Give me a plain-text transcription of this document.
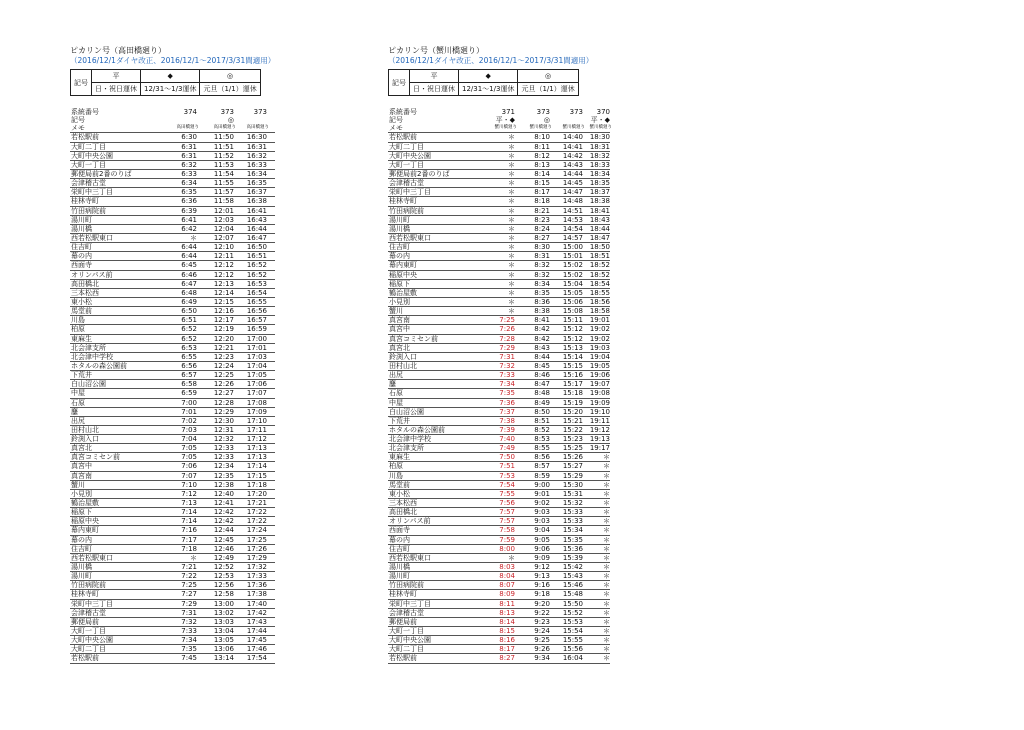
ピカリン号（高田橋廻り）
（2016/12/1ダイヤ改正、2016/12/1～2017/3/31間適用）
記号	平	◆	◎
	日・祝日運休	12/31～1/3運休	元旦（1/1）運休
系統番号	374	373	373
記号	◎
メモ	高田橋廻り	高田橋廻り	高田橋廻り
若松駅前	6:30	11:50	16:30
大町二丁目	6:31	11:51	16:31
大町中央公園	6:31	11:52	16:32
大町一丁目	6:32	11:53	16:33
郵便局前2番のりば	6:33	11:54	16:34
会津稽古堂	6:34	11:55	16:35
栄町中三丁目	6:35	11:57	16:37
桂林寺町	6:36	11:58	16:38
竹田病院前	6:39	12:01	16:41
湯川町	6:41	12:03	16:43
湯川橋	6:42	12:04	16:44
西若松駅東口	＊	12:07	16:47
住吉町	6:44	12:10	16:50
幕の内	6:44	12:11	16:51
西面寺	6:45	12:12	16:52
オリンパス前	6:46	12:12	16:52
高田橋北	6:47	12:13	16:53
三本松西	6:48	12:14	16:54
東小松	6:49	12:15	16:55
馬堂前	6:50	12:16	16:56
川島	6:51	12:17	16:57
柏原	6:52	12:19	16:59
東麻生	6:52	12:20	17:00
北会津支所	6:53	12:21	17:01
北会津中学校	6:55	12:23	17:03
ホタルの森公園前	6:56	12:24	17:04
下荒井	6:57	12:25	17:05
白山沼公園	6:58	12:26	17:06
中屋	6:59	12:27	17:07
石原	7:00	12:28	17:08
鏖	7:01	12:29	17:09
出尻	7:02	12:30	17:10
田村山北	7:03	12:31	17:11
鈴渕入口	7:04	12:32	17:12
真宮北	7:05	12:33	17:13
真宮コミセン前	7:05	12:33	17:13
真宮中	7:06	12:34	17:14
真宮南	7:07	12:35	17:15
蟹川	7:10	12:38	17:18
小見別	7:12	12:40	17:20
鶴治屋敷	7:13	12:41	17:21
稲原下	7:14	12:42	17:22
稲原中央	7:14	12:42	17:22
幕内東町	7:16	12:44	17:24
幕の内	7:17	12:45	17:25
住吉町	7:18	12:46	17:26
西若松駅東口	＊	12:49	17:29
湯川橋	7:21	12:52	17:32
湯川町	7:22	12:53	17:33
竹田病院前	7:25	12:56	17:36
桂林寺町	7:27	12:58	17:38
栄町中三丁目	7:29	13:00	17:40
会津稽古堂	7:31	13:02	17:42
郵便局前	7:32	13:03	17:43
大町一丁目	7:33	13:04	17:44
大町中央公園	7:34	13:05	17:45
大町二丁目	7:35	13:06	17:46
若松駅前	7:45	13:14	17:54
ピカリン号（蟹川橋廻り）
（2016/12/1ダイヤ改正、2016/12/1～2017/3/31間適用）
記号	平	◆	◎
	日・祝日運休	12/31～1/3運休	元旦（1/1）運休
系統番号	371	373	373	370
記号	平・◆	◎	平・◆
メモ	蟹川橋廻り	蟹川橋廻り	蟹川橋廻り	蟹川橋廻り
若松駅前	＊	8:10	14:40 18:30
大町二丁目	＊	8:11	14:41 18:31
大町中央公園	＊	8:12	14:42 18:32
大町一丁目	＊	8:13	14:43 18:33
郵便局前2番のりば	＊	8:14	14:44 18:34
会津稽古堂	＊	8:15	14:45 18:35
栄町中三丁目	＊	8:17	14:47 18:37
桂林寺町	＊	8:18	14:48 18:38
竹田病院前	＊	8:21	14:51 18:41
湯川町	＊	8:23	14:53 18:43
湯川橋	＊	8:24	14:54 18:44
西若松駅東口	＊	8:27	14:57 18:47
住吉町	＊	8:30	15:00 18:50
幕の内	＊	8:31	15:01 18:51
幕内東町	＊	8:32	15:02 18:52
稲原中央	＊	8:32	15:02 18:52
稲原下	＊	8:34	15:04 18:54
鶴治屋敷	＊	8:35	15:05 18:55
小見別	＊	8:36	15:06 18:56
蟹川	＊	8:38	15:08 18:58
真宮南	7:25	8:41	15:11 19:01
真宮中	7:26	8:42	15:12 19:02
真宮コミセン前	7:28	8:42	15:12 19:02
真宮北	7:29	8:43	15:13 19:03
鈴渕入口	7:31	8:44	15:14 19:04
田村山北	7:32	8:45	15:15 19:05
出尻	7:33	8:46	15:16 19:06
鏖	7:34	8:47	15:17 19:07
石原	7:35	8:48	15:18 19:08
中屋	7:36	8:49	15:19 19:09
白山沼公園	7:37	8:50	15:20 19:10
下荒井	7:38	8:51	15:21 19:11
ホタルの森公園前	7:39	8:52	15:22 19:12
北会津中学校	7:40	8:53	15:23 19:13
北会津支所	7:49	8:55	15:25 19:17
東麻生	7:50	8:56	15:26	＊
柏原	7:51	8:57	15:27	＊
川島	7:53	8:59	15:29	＊
馬堂前	7:54	9:00	15:30	＊
東小松	7:55	9:01	15:31	＊
三本松西	7:56	9:02	15:32	＊
高田橋北	7:57	9:03	15:33	＊
オリンパス前	7:57	9:03	15:33	＊
西面寺	7:58	9:04	15:34	＊
幕の内	7:59	9:05	15:35	＊
住吉町	8:00	9:06	15:36	＊
西若松駅東口	＊	9:09	15:39	＊
湯川橋	8:03	9:12	15:42	＊
湯川町	8:04	9:13	15:43	＊
竹田病院前	8:07	9:16	15:46	＊
桂林寺町	8:09	9:18	15:48	＊
栄町中三丁目	8:11	9:20	15:50	＊
会津稽古堂	8:13	9:22	15:52	＊
郵便局前	8:14	9:23	15:53	＊
大町一丁目	8:15	9:24	15:54	＊
大町中央公園	8:16	9:25	15:55	＊
大町二丁目	8:17	9:26	15:56	＊
若松駅前	8:27	9:34	16:04	＊
